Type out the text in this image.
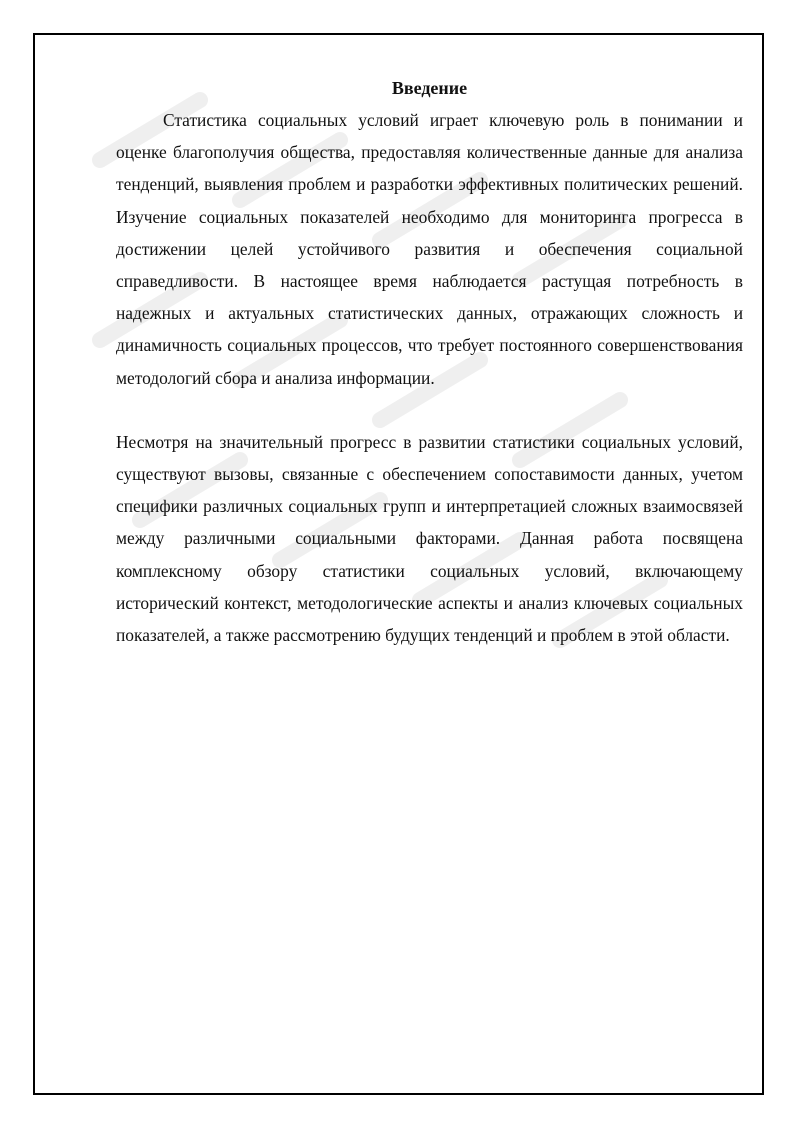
Введение

Статистика социальных условий играет ключевую роль в понимании и оценке благополучия общества, предоставляя количественные данные для анализа тенденций, выявления проблем и разработки эффективных политических решений. Изучение социальных показателей необходимо для мониторинга прогресса в достижении целей устойчивого развития и обеспечения социальной справедливости. В настоящее время наблюдается растущая потребность в надежных и актуальных статистических данных, отражающих сложность и динамичность социальных процессов, что требует постоянного совершенствования методологий сбора и анализа информации.

Несмотря на значительный прогресс в развитии статистики социальных условий, существуют вызовы, связанные с обеспечением сопоставимости данных, учетом специфики различных социальных групп и интерпретацией сложных взаимосвязей между различными социальными факторами. Данная работа посвящена комплексному обзору статистики социальных условий, включающему исторический контекст, методологические аспекты и анализ ключевых социальных показателей, а также рассмотрению будущих тенденций и проблем в этой области.
